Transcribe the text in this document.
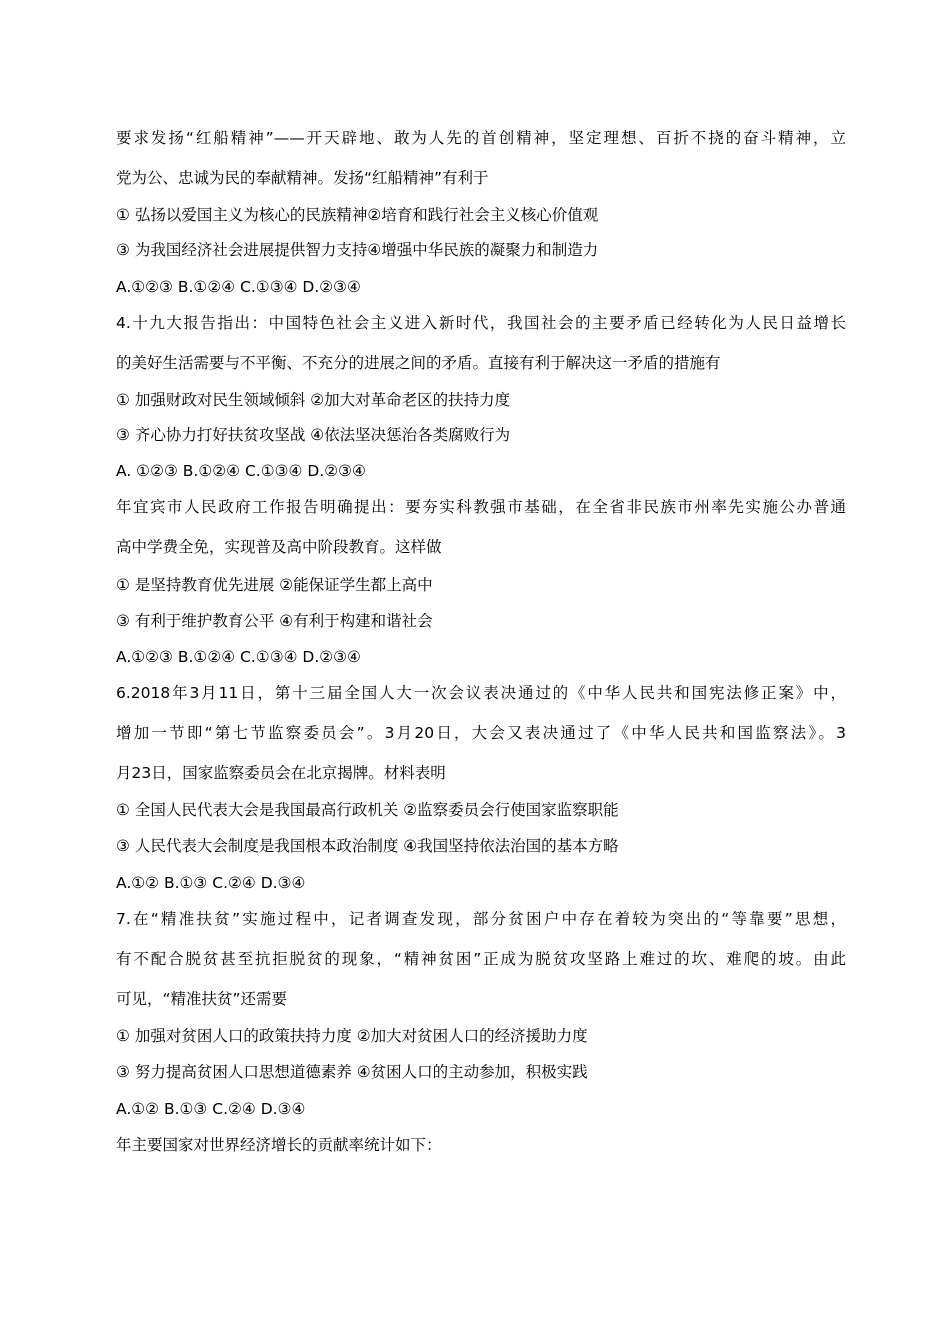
要求发扬“红船精神”——开天辟地、敢为人先的首创精神，坚定理想、百折不挠的奋斗精神，立
党为公、忠诚为民的奉献精神。发扬“红船精神”有利于
① 弘扬以爱国主义为核心的民族精神②培育和践行社会主义核心价值观
③ 为我国经济社会进展提供智力支持④增强中华民族的凝聚力和制造力
A.①②③ B.①②④ C.①③④ D.②③④
4.十九大报告指出：中国特色社会主义进入新时代，我国社会的主要矛盾已经转化为人民日益增长
的美好生活需要与不平衡、不充分的进展之间的矛盾。直接有利于解决这一矛盾的措施有
① 加强财政对民生领域倾斜 ②加大对革命老区的扶持力度
③ 齐心协力打好扶贫攻坚战 ④依法坚决惩治各类腐败行为
A. ①②③ B.①②④ C.①③④ D.②③④
年宜宾市人民政府工作报告明确提出：要夯实科教强市基础，在全省非民族市州率先实施公办普通
高中学费全免，实现普及高中阶段教育。这样做
① 是坚持教育优先进展 ②能保证学生都上高中
③ 有利于维护教育公平 ④有利于构建和谐社会
A.①②③ B.①②④ C.①③④ D.②③④
6.2018年3月11日，第十三届全国人大一次会议表决通过的《中华人民共和国宪法修正案》中，
增加一节即“第七节监察委员会”。3月20日，大会又表决通过了《中华人民共和国监察法》。3
月23日，国家监察委员会在北京揭牌。材料表明
① 全国人民代表大会是我国最高行政机关 ②监察委员会行使国家监察职能
③ 人民代表大会制度是我国根本政治制度 ④我国坚持依法治国的基本方略
A.①② B.①③ C.②④ D.③④
7.在“精准扶贫”实施过程中，记者调查发现，部分贫困户中存在着较为突出的“等靠要”思想，
有不配合脱贫甚至抗拒脱贫的现象，“精神贫困”正成为脱贫攻坚路上难过的坎、难爬的坡。由此
可见，“精准扶贫”还需要
① 加强对贫困人口的政策扶持力度 ②加大对贫困人口的经济援助力度
③ 努力提高贫困人口思想道德素养 ④贫困人口的主动参加，积极实践
A.①② B.①③ C.②④ D.③④
年主要国家对世界经济增长的贡献率统计如下：
